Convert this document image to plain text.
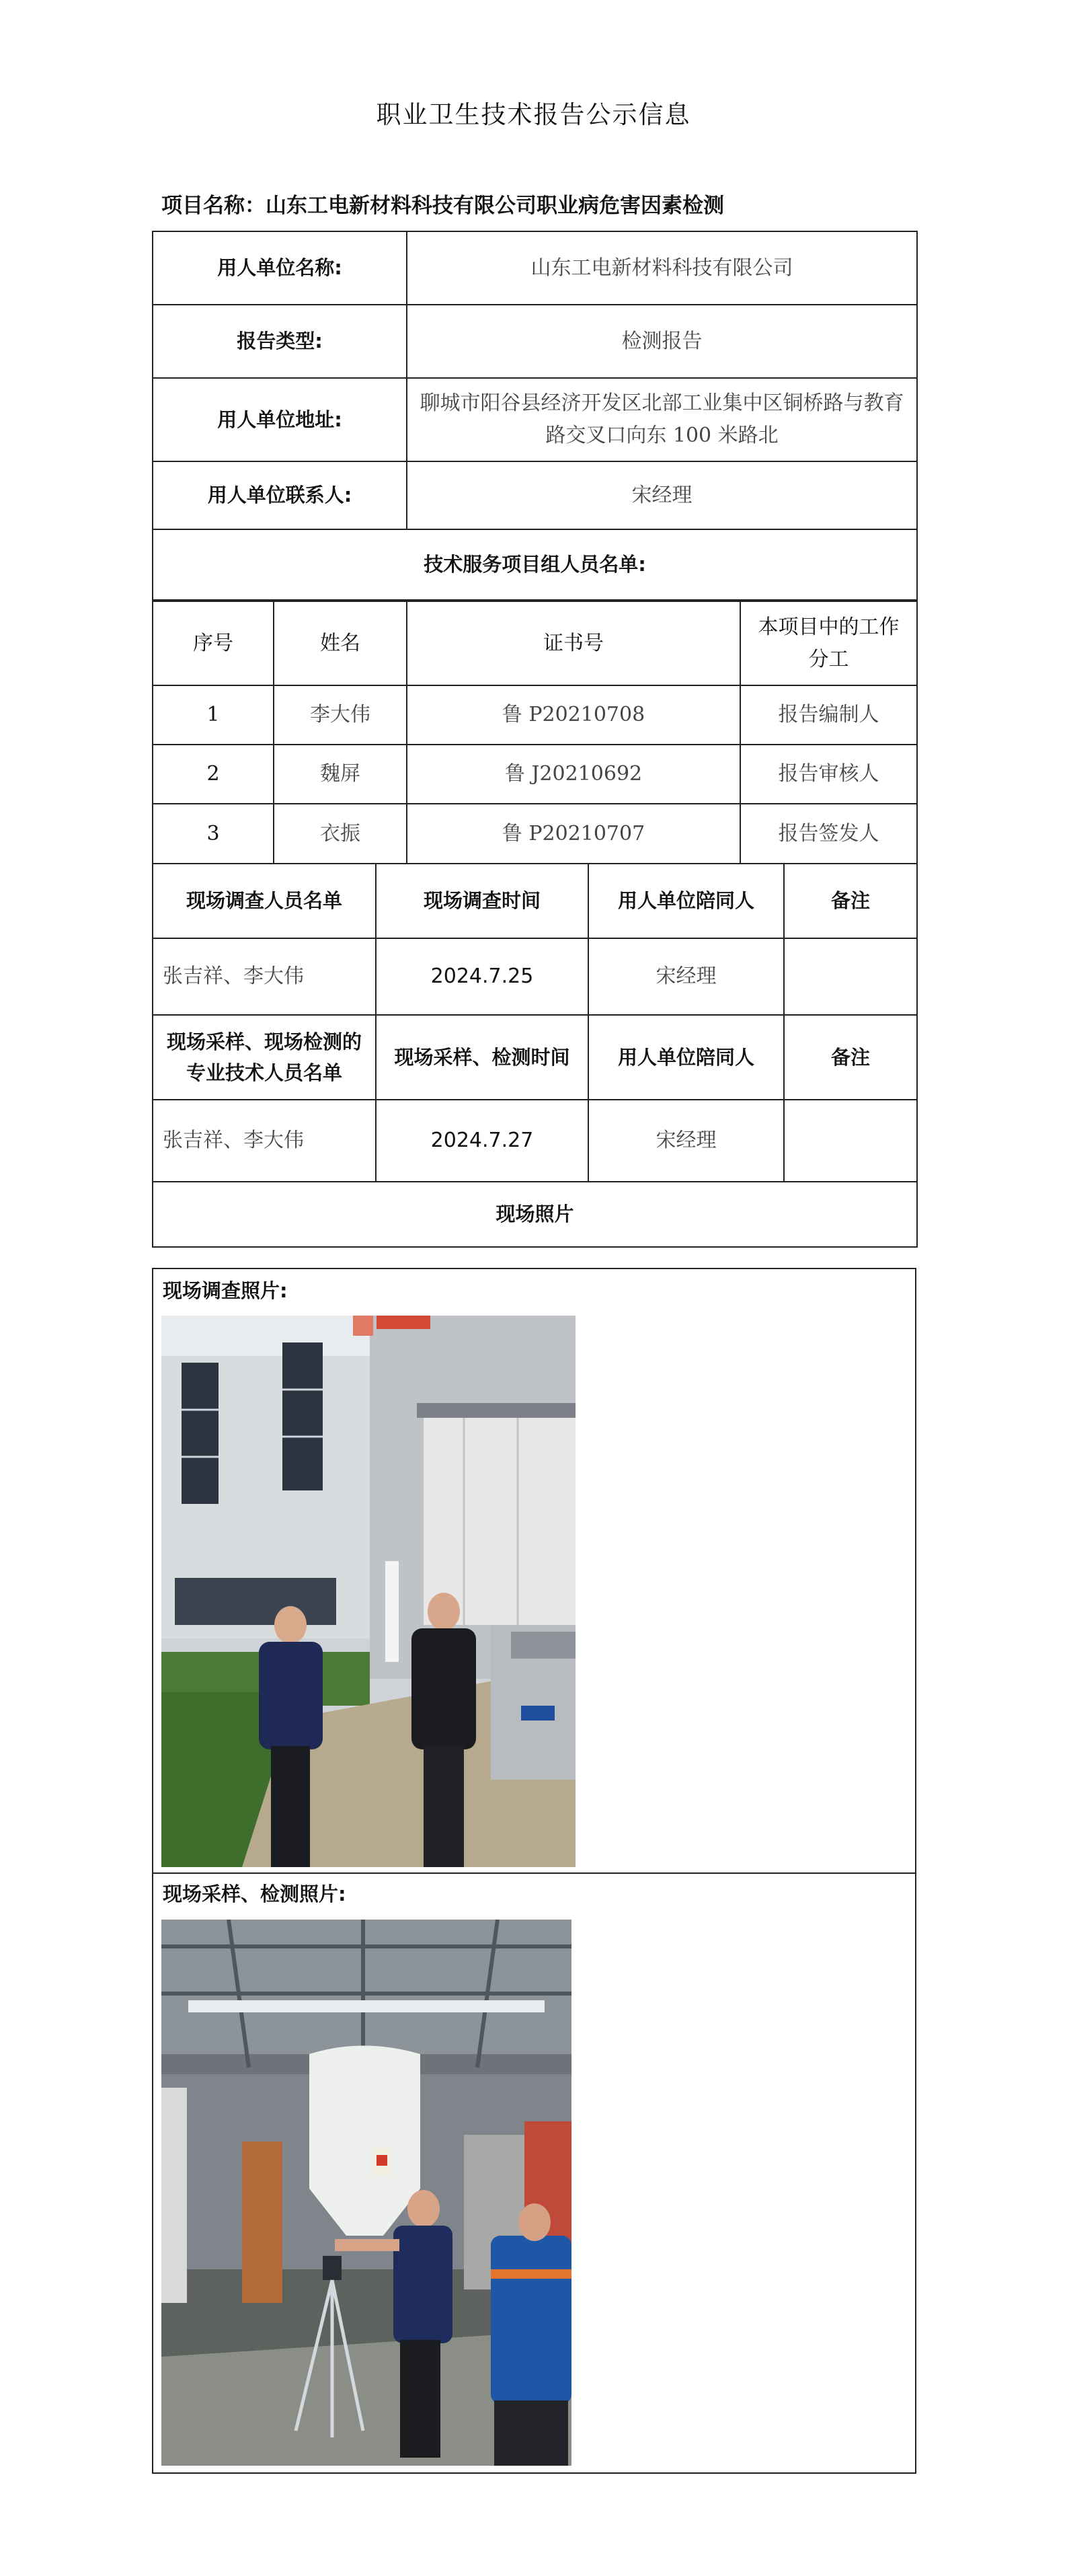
职业卫生技术报告公示信息
项目名称：山东工电新材料科技有限公司职业病危害因素检测
用人单位名称:	山东工电新材料科技有限公司
报告类型:	检测报告
用人单位地址:	聊城市阳谷县经济开发区北部工业集中区铜桥路与教育路交叉口向东 100 米路北
用人单位联系人:	宋经理
技术服务项目组人员名单:	
序号	姓名	证书号	本项目中的工作分工
1	李大伟	鲁 P20210708	报告编制人
2	魏屏	鲁 J20210692	报告审核人
3	衣振	鲁 P20210707	报告签发人
现场调查人员名单	现场调查时间	用人单位陪同人	备注
张吉祥、李大伟	2024.7.25	宋经理	
现场采样、现场检测的专业技术人员名单	现场采样、检测时间	用人单位陪同人	备注
张吉祥、李大伟	2024.7.27	宋经理	
现场照片			
现场调查照片:
现场采样、检测照片:
